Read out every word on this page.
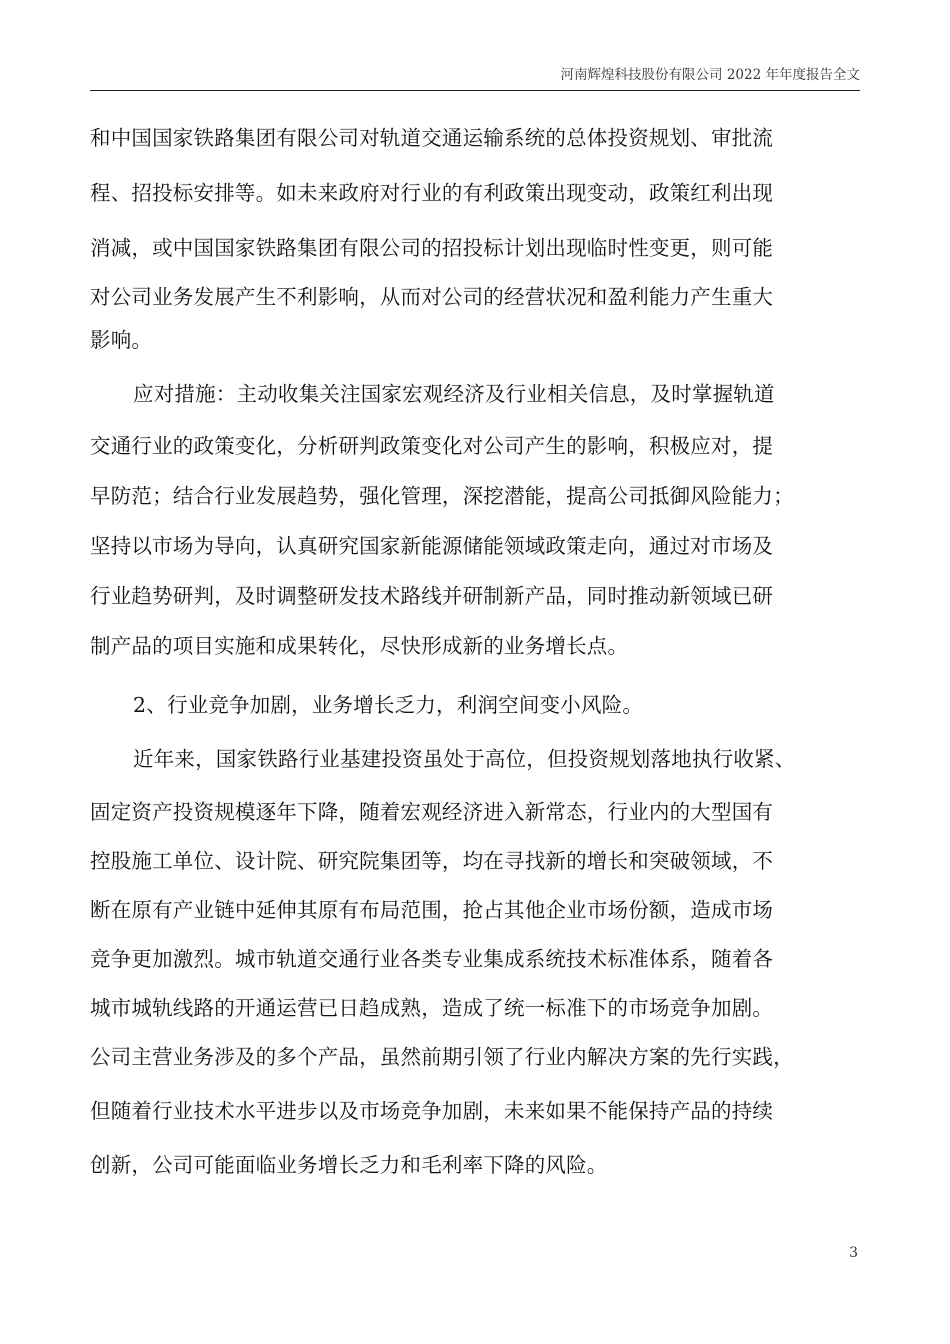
河南辉煌科技股份有限公司 2022 年年度报告全文
和中国国家铁路集团有限公司对轨道交通运输系统的总体投资规划、审批流
程、招投标安排等。如未来政府对行业的有利政策出现变动，政策红利出现
消减，或中国国家铁路集团有限公司的招投标计划出现临时性变更，则可能
对公司业务发展产生不利影响，从而对公司的经营状况和盈利能力产生重大
影响。
应对措施：主动收集关注国家宏观经济及行业相关信息，及时掌握轨道
交通行业的政策变化，分析研判政策变化对公司产生的影响，积极应对，提
早防范；结合行业发展趋势，强化管理，深挖潜能，提高公司抵御风险能力；
坚持以市场为导向，认真研究国家新能源储能领域政策走向，通过对市场及
行业趋势研判，及时调整研发技术路线并研制新产品，同时推动新领域已研
制产品的项目实施和成果转化，尽快形成新的业务增长点。
2、行业竞争加剧，业务增长乏力，利润空间变小风险。
近年来，国家铁路行业基建投资虽处于高位，但投资规划落地执行收紧、
固定资产投资规模逐年下降，随着宏观经济进入新常态，行业内的大型国有
控股施工单位、设计院、研究院集团等，均在寻找新的增长和突破领域，不
断在原有产业链中延伸其原有布局范围，抢占其他企业市场份额，造成市场
竞争更加激烈。城市轨道交通行业各类专业集成系统技术标准体系，随着各
城市城轨线路的开通运营已日趋成熟，造成了统一标准下的市场竞争加剧。
公司主营业务涉及的多个产品，虽然前期引领了行业内解决方案的先行实践，
但随着行业技术水平进步以及市场竞争加剧，未来如果不能保持产品的持续
创新，公司可能面临业务增长乏力和毛利率下降的风险。
3
